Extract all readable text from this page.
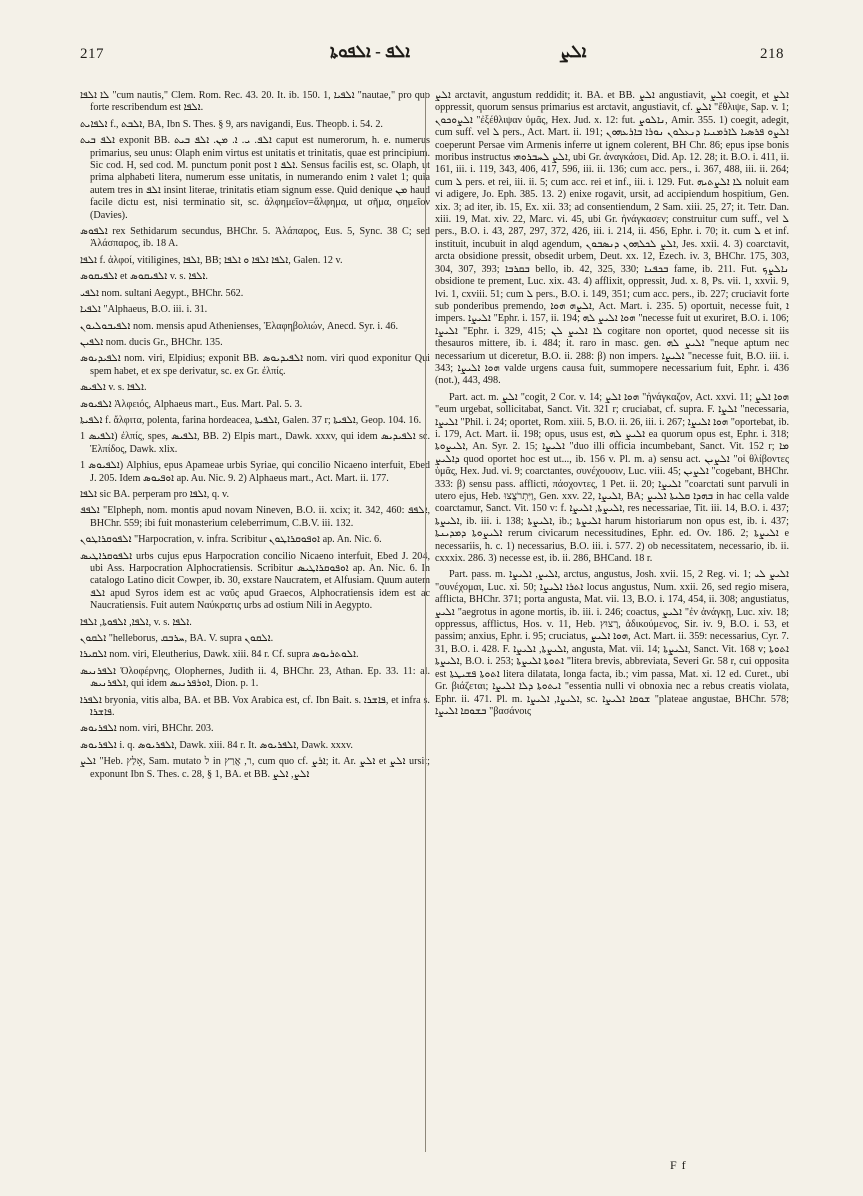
217	ܐܠܦ - ܐܠܦܘܬܐ	ܐܠܨ	218

ܠܐ ܐܠܦܐ "cum nautis," Clem. Rom. Rec. 43. 20. It. ib. 150. 1, ܐܠܦܝܐ "nautae," pro quo forte rescribendum est ܐܠܦܐ.

ܐܠܦܐܝܬ f., ܐܠܒܬ, BA, Ibn S. Thes. § 9, ars navigandi, Eus. Theopb. i. 54. 2.

ܐܠܦ ܒܝܬ exponit BB. ܐܠܦ. ܝ. ܐ. ܡܢ. ܐܠܦ ܒܝܬ caput est numerorum, h. e. numerus primarius, seu unus: Olaph enim virtus est unitatis et trinitatis, quae est principium. Sic cod. H, sed cod. M. punctum ponit post ܐܠܦ ܐ. Sensus facilis est, sc. Olaph, ut prima alphabeti litera, numerum esse unitatis, in numerando enim ܐ valet 1; quia autem tres in ܐܠܦ insint literae, trinitatis etiam signum esse. Quid denique ܡܢ haud facile dictu est, nisi terminatio sit, sc. ἀλφημεῖον=ἄλφημα, ut σῆμα, σημεῖον (Davies).

ܐܠܦܘܣ rex Sethidarum secundus, BHChr. 5. Ἀλάπαρος, Eus. 5, Sync. 38 C; sed Ἀλάσπαρος, ib. 18 A.

ܐܠܦܐ f. ἀλφοί, vitiligines, ܐܠܦܐ, BB; ܐܠܦܐ ܐܠܦܐ ܘ ܐܠܦܐ, Galen. 12 v.

ܐܠܦܝܩܘܣ et ܐܠܦܝܩܘܣ v. s. ܐܠܦܐ.

ܐܠܦܝ nom. sultani Aegypt., BHChr. 562.

ܐܠܦܝܐ "Alphaeus, B.O. iii. i. 31.

ܐܠܦܝܒܘܠܝܘܢ nom. mensis apud Athenienses, Ἐλαφηβολιών, Anecd. Syr. i. 46.

ܐܠܦܝܢ nom. ducis Gr., BHChr. 135.

ܐܠܦܝܕܝܘܣ nom. viri, Elpidius; exponit BB. ܐܠܦܝܕܝܘܣ nom. viri quod exponitur Qui spem habet, et ex spe derivatur, sc. ex Gr. ἐλπίς.

ܐܠܦܝܣ v. s. ܐܠܦܐ.

ܐܠܦܝܘܣ Ἀλφειός, Alphaeus mart., Eus. Mart. Pal. 5. 3.

ܐܠܦܝܬܐ f. ἄλφιτα, polenta, farina hordeacea, ܐܠܦܝܬܐ, Galen. 37 r; ܐܠܦܝܬܐ, Geop. 104. 16.

ܐܠܦܝܣ 1) ἐλπίς, spes, ܐܠܦܝܣ, BB. 2) Elpis mart., Dawk. xxxv, qui idem ܐܠܦܝܕܝܣ sc. Ἐλπίδος, Dawk. xlix.

ܐܠܦܝܘܣ 1) Alphius, epus Apameae urbis Syriae, qui concilio Nicaeno interfuit, Ebed J. 205. Idem ܐܘܦܝܘܣ ap. Au. Nic. 9. 2) Alphaeus mart., Act. Mart. ii. 177.

ܐܠܦܐ sic BA. perperam pro ܐܠܦܐ, q. v.

ܐܠܦܦ "Elpheph, nom. montis apud novam Nineven, B.O. ii. xcix; it. 342, 460: ܐܠܦܦ, BHChr. 559; ibi fuit monasterium celeberrimum, C.B.V. iii. 132.

ܐܠܦܘܩܪܐܛܘܢ "Harpocration, v. infra. Scribitur ܐܘܦܘܩܪܐܛܘܢ ap. An. Nic. 6.

ܐܠܦܘܩܪܐܛܝܣ urbs cujus epus Harpocration concilio Nicaeno interfuit, Ebed J. 204, ubi Ass. Harpocration Alphocratiensis. Scribitur ܐܘܦܘܩܪܐܛܝܣ ap. An. Nic. 6. In catalogo Latino dicit Cowper, ib. 30, exstare Naucratem, et Alfusiam. Quum autem ܐܠܦ apud Syros idem est ac ναῦς apud Graecos, Alphocratiensis idem est ac Naucratiensis. Fuit autem Ναύκρατις urbs ad ostium Nili in Aegypto.

ܐܠܦܐ, ܐܠܦܘܬܐ, ܐܠܦܐ, v. s. ܐܠܦܐ.

ܐܠܩܘܢ "helleborus, ܚܪܒܩ, BA. V. supra ܐܠܩܘܢ.

ܐܠܩܝܪܐ nom. viri, Eleutherius, Dawk. xiii. 84 r. Cf. supra ܐܠܘܬܪܝܘܣ.

ܐܠܦܪܢܝܣ Ὀλοφέρνης, Olophernes, Judith ii. 4, BHChr. 23, Athan. Ep. 33. 11: al. ܐܠܦܪܢܝܣ, qui idem ܐܘܪܦܪܢܝܣ, Dion. p. 1.

ܐܠܦܪܐ bryonia, vitis alba, BA. et BB. Vox Arabica est, cf. Ibn Bait. s. ܦܐܫܪܐ, et infra s. ܦܐܫܪܐ.

ܐܠܦܪܝܘܣ nom. viri, BHChr. 203.

ܐܠܦܪܝܘܣ i. q. ܐܠܦܪܝܘܣ, Dawk. xiii. 84 r. It. ܐܠܦܪܝܘܣ, Dawk. xxxv.

ܐܠܨ "Heb. אָלַץ, Sam. mutato ל in ר, אֲרַץ, cum quo cf. ܐܪܨ; it. Ar. ܐܠܨ et ܐܠܨ ursit; exponunt Ibn S. Thes. c. 28, § 1, BA. et BB. ܐܠܨ, ܐܠܨ

ܐܠܨ arctavit, angustum reddidit; it. BA. et BB. ܐܠܨ angustiavit, ܐܠܨ coegit, et ܐܠܨ oppressit, quorum sensus primarius est arctavit, angustiavit, cf. ܐܠܨ "ἔθλιψε, Sap. v. 1; ܐܠܨܘܟܘܢ "ἐξέθλιψαν ὑμᾶς, Hex. Jud. x. 12: fut. ܢܐܠܘܨ, Amir. 355. 1) coegit, adegit, cum suff. vel ܠ pers., Act. Mart. ii. 191; ܐܠܨܘ ܦܪܣܝܐ ܠܐܪܡܢܝܐ ܕܢܥܠܘܢ ܢܘܪܐ ܒܐܪܥܗܘܢ coeperunt Persae vim Armenis inferre ut ignem colerent, BH Chr. 86; epus ipse bonis moribus instructus ܐܠܨ ܠܚܒܪܘܗܝ, ubi Gr. ἀναγκάσει, Did. Ap. 12. 28; it. B.O. i. 411, ii. 161, iii. i. 119, 343, 406, 417, 596, iii. ii. 136; cum acc. pers., i. 367, 488, iii. ii. 264; cum ܠ pers. et rei, iii. ii. 5; cum acc. rei et inf., iii. i. 129. Fut. ܠܐ ܐܠܨܬܝܗ noluit eam vi adigere, Jo. Eph. 385. 13. 2) enixe rogavit, ursit, ad accipiendum hospitium, Gen. xix. 3; ad iter, ib. 15, Ex. xii. 33; ad consentiendum, 2 Sam. xiii. 25, 27; it. Tetr. Dan. xiii. 19, Mat. xiv. 22, Marc. vi. 45, ubi Gr. ἠνάγκασεν; construitur cum suff., vel ܠ pers., B.O. i. 43, 287, 297, 372, 426, iii. i. 214, ii. 456, Ephr. i. 70; it. cum ܠ et inf. instituit, incubuit in alqd agendum, ܐܠܨ ܠܟܠܗܘܢ ܕܢܣܒܘܢ, Jes. xxii. 4. 3) coarctavit, arcta obsidione pressit, obsedit urbem, Deut. xx. 12, Ezech. iv. 3, BHChr. 175, 303, 304, 307, 393; ܒܩܪܒܐ bello, ib. 42, 325, 330; ܒܟܦܢܐ fame, ib. 211. Fut. ܢܐܠܨܟ obsidione te prement, Luc. xix. 43. 4) afflixit, oppressit, Jud. x. 8, Ps. vii. 1, xxvii. 9, lvi. 1, cxviii. 51; cum ܠ pers., B.O. i. 149, 351; cum acc. pers., ib. 227; cruciavit forte sub ponderibus premendo, ܐܠܨܗ ܗܘܐ, Act. Mart. i. 235. 5) oportuit, necesse fuit, ܐ impers. ܐܠܝܨܐ "Ephr. i. 157, ii. 194; ܗܘܐ ܐܠܝܨ ܠܗ "necesse fuit ut exuriret, B.O. i. 106; ܐܠܝܨܐ "Ephr. i. 329, 415; ܠܐ ܐܠܝܨ ܠܢ cogitare non oportet, quod necesse sit iis thesauros mittere, ib. i. 484; it. raro in masc. gen. ܐܠܝܨ ܠܗ "neque aptum nec necessarium ut diceretur, B.O. ii. 288: β) non impers. ܐܠܝܨܐ "necesse fuit, B.O. iii. i. 343; ܗܘܐ ܐܠܝܨܐ valde urgens causa fuit, summopere necessarium fuit, Ephr. i. 436 (not.), 443, 498.

Part. act. m. ܐܠܨ "cogit, 2 Cor. v. 14; ܗܘܐ ܐܠܨ "ἠνάγκαζον, Act. xxvi. 11; ܗܘܐ ܐܠܨ "eum urgebat, sollicitabat, Sanct. Vit. 321 r; cruciabat, cf. supra. F. ܐܠܨܐ "necessaria, ܐܠܝܨܐ "Phil. i. 24; oportet, Rom. xiii. 5, B.O. ii. 26, iii. i. 267; ܗܘܐ ܐܠܝܨܐ "oportebat, ib. i. 179, Act. Mart. ii. 198; opus, usus est, ܐܠܝܨ ܠܗ ea quorum opus est, Ephr. i. 318; ܐܠܝܨܘܬܐ, An. Syr. 2. 15; ܐܠܝܨܐ "duo illi officia incumbebant, Sanct. Vit. 152 r; ܡܐ ܕܐܠܝܨ quod oportet hoc est ut..., ib. 156 v. Pl. m. a) sensu act. ܐܠܨܝܢ "οἱ θλίβοντες ὑμᾶς, Hex. Jud. vi. 9; coarctantes, συνέχουσιν, Luc. viii. 45; ܐܠܨܝܢ "cogebant, BHChr. 333: β) sensu pass. afflicti, πάσχοντες, 1 Pet. ii. 20; ܐܠܝܨܐ "coarctati sunt parvuli in utero ejus, Heb. וַיִּתְרֹצֲצוּ, Gen. xxv. 22, ܐܠܝܨܐ, BA; ܒܗܕܐ ܩܠܝܬܐ ܐܠܝܨ in hac cella valde coarctamur, Sanct. Vit. 150 v: f. ܐܠܝܨܬܐ, ܐܠܝܨܐ, res necessariae, Tit. iii. 14, B.O. i. 437; ܐܠܝܨܬܐ, ib. iii. i. 138; ܐܠܝܨܬܐ, ib.; ܐܠܝܨܬܐ harum historiarum non opus est, ib. i. 437; ܐܠܝܨܘܬܐ ܕܡܕܝܢܬܐ rerum civicarum necessitudines, Ephr. ed. Ov. 186. 2; ܐܠܝܨܬܐ e necessariis, h. c. 1) necessarius, B.O. iii. i. 577. 2) ob necessitatem, necessario, ib. ii. cxxxix. 286. 3) necesse est, ib. ii. 286, BHCand. 18 r.

Part. pass. m. ܐܠܝܨ, ܐܠܝܨܐ, arctus, angustus, Josh. xvii. 15, 2 Reg. vi. 1; ܐܠܝܨ ܠܝ "συνέχομαι, Luc. xi. 50; ܐܬܪܐ ܐܠܝܨܐ locus angustus, Num. xxii. 26, sed regio misera, afflicta, BHChr. 371; porta angusta, Mat. vii. 13, B.O. i. 174, 454, ii. 308; angustiatus, ܐܠܝܨ "aegrotus in agone mortis, ib. iii. i. 246; coactus, ܐܠܝܨ "ἐν ἀνάγκῃ, Luc. xiv. 18; oppressus, afflictus, Hos. v. 11, Heb. רָצוּץ, ἀδικούμενος, Sir. iv. 9, B.O. i. 53, et passim; anxius, Ephr. i. 95; cruciatus, ܗܘܐ ܐܠܝܨ, Act. Mart. ii. 359: necessarius, Cyr. 7. 31, B.O. i. 428. F. ܐܠܝܨܬܐ, ܐܠܝܨܐ, angusta, Mat. vii. 14; ܐܠܝܨܬܐ, Sanct. Vit. 168 v; ܐܬܘܬܐ ܐܠܝܨܬܐ, B.O. i. 253; ܐܬܘܬܐ ܐܠܝܨܬܐ "litera brevis, abbreviata, Severi Gr. 58 r, cui opposita est ܐܬܘܬܐ ܦܫܝܛܬܐ litera dilatata, longa facta, ib.; vim passa, Mat. xi. 12 ed. Curet., ubi Gr. βιάζεται; ܐܝܬܘܬܐ ܕܠܐ ܐܠܝܨܐ "essentia nulli vi obnoxia nec a rebus creatis violata, Ephr. ii. 471. Pl. m. ܐܠܝܨܐ, ܐܠܝܨܐ, sc. ܫܘܩܐ ܐܠܝܨܐ "plateae angustae, BHChr. 578; ܒܫܘܩܐ ܐܠܝܨܐ "βασάνοις

F f
